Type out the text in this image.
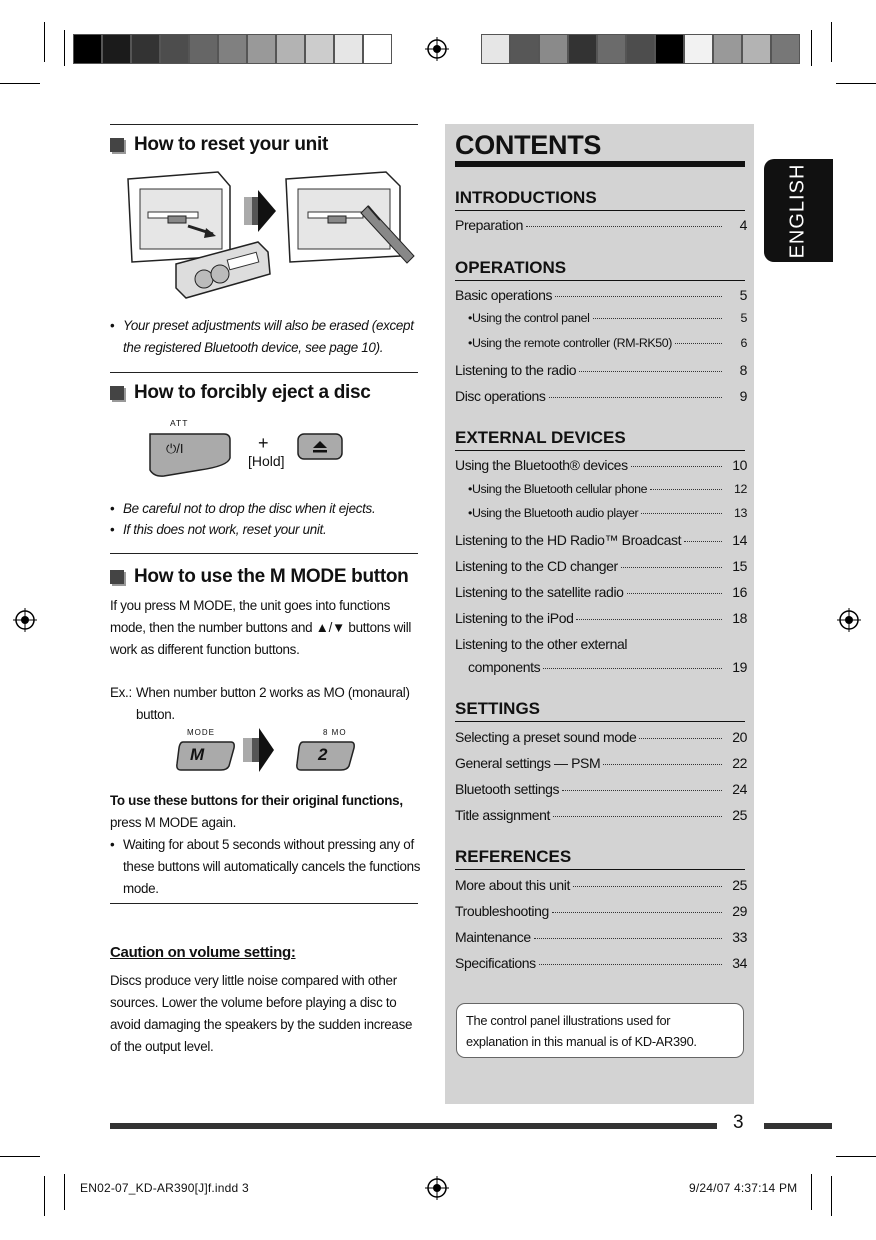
How to reset your unit
• Your preset adjustments will also be erased (except the registered Bluetooth device, see page 10).
How to forcibly eject a disc
ATT
⏻/I	+
[Hold]
• Be careful not to drop the disc when it ejects.
• If this does not work, reset your unit.
How to use the M MODE button
If you press M MODE, the unit goes into functions mode, then the number buttons and ▲/▼ buttons will work as different function buttons.
Ex.: When number button 2 works as MO (monaural) button.
MODE
M
8 MO
2
To use these buttons for their original functions,
press M MODE again.
• Waiting for about 5 seconds without pressing any of these buttons will automatically cancels the functions mode.
Caution on volume setting:
Discs produce very little noise compared with other sources. Lower the volume before playing a disc to avoid damaging the speakers by the sudden increase of the output level.
CONTENTS
INTRODUCTIONS
Preparation	4
OPERATIONS
Basic operations	5
• Using the control panel	5
• Using the remote controller (RM-RK50)	6
Listening to the radio	8
Disc operations	9
EXTERNAL DEVICES
Using the Bluetooth® devices	10
• Using the Bluetooth cellular phone	12
• Using the Bluetooth audio player	13
Listening to the HD Radio™ Broadcast	14
Listening to the CD changer	15
Listening to the satellite radio	16
Listening to the iPod	18
Listening to the other external
components	19
SETTINGS
Selecting a preset sound mode	20
General settings — PSM	22
Bluetooth settings	24
Title assignment	25
REFERENCES
More about this unit	25
Troubleshooting	29
Maintenance	33
Specifications	34
The control panel illustrations used for explanation in this manual is of KD-AR390.
ENGLISH
3
EN02-07_KD-AR390[J]f.indd 3	9/24/07 4:37:14 PM
